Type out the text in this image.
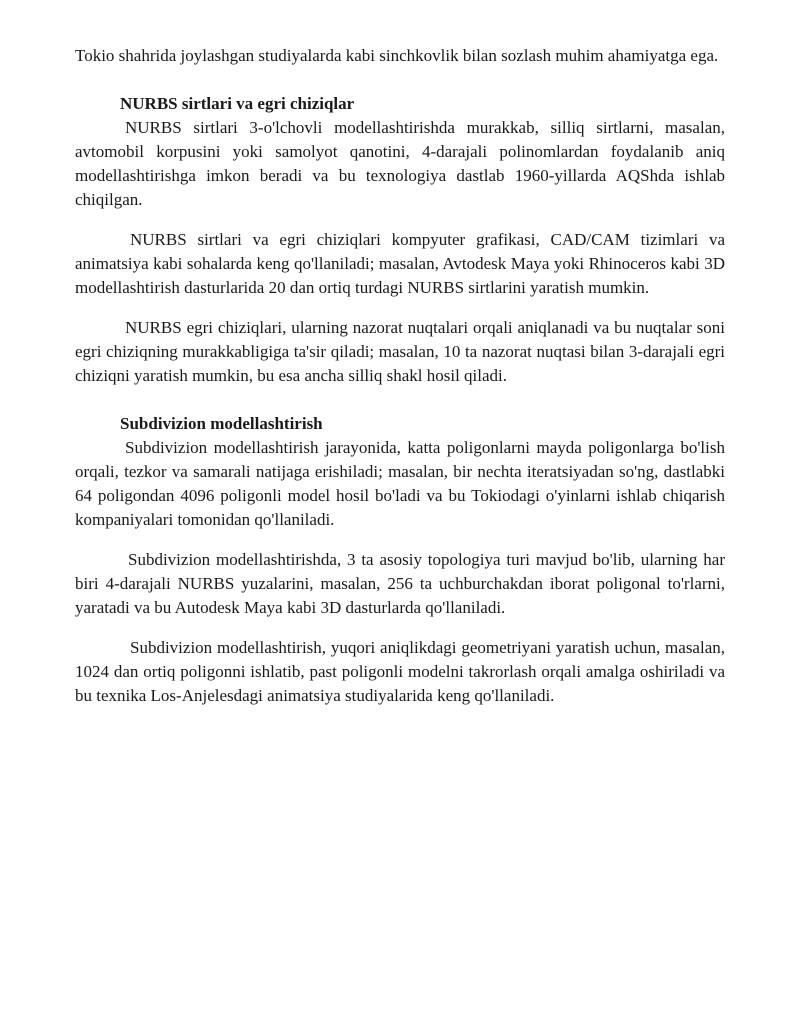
Tokio shahrida joylashgan studiyalarda kabi sinchkovlik bilan sozlash muhim ahamiyatga ega.

NURBS sirtlari va egri chiziqlar

NURBS sirtlari 3-o'lchovli modellashtirishda murakkab, silliq sirtlarni, masalan, avtomobil korpusini yoki samolyot qanotini, 4-darajali polinomlardan foydalanib aniq modellashtirishga imkon beradi va bu texnologiya dastlab 1960-yillarda AQShda ishlab chiqilgan.

NURBS sirtlari va egri chiziqlari kompyuter grafikasi, CAD/CAM tizimlari va animatsiya kabi sohalarda keng qo'llaniladi; masalan, Avtodesk Maya yoki Rhinoceros kabi 3D modellashtirish dasturlarida 20 dan ortiq turdagi NURBS sirtlarini yaratish mumkin.

NURBS egri chiziqlari, ularning nazorat nuqtalari orqali aniqlanadi va bu nuqtalar soni egri chiziqning murakkabligiga ta'sir qiladi; masalan, 10 ta nazorat nuqtasi bilan 3-darajali egri chiziqni yaratish mumkin, bu esa ancha silliq shakl hosil qiladi.

Subdivizion modellashtirish

Subdivizion modellashtirish jarayonida, katta poligonlarni mayda poligonlarga bo'lish orqali, tezkor va samarali natijaga erishiladi; masalan, bir nechta iteratsiyadan so'ng, dastlabki 64 poligondan 4096 poligonli model hosil bo'ladi va bu Tokiodagi o'yinlarni ishlab chiqarish kompaniyalari tomonidan qo'llaniladi.

Subdivizion modellashtirishda, 3 ta asosiy topologiya turi mavjud bo'lib, ularning har biri 4-darajali NURBS yuzalarini, masalan, 256 ta uchburchakdan iborat poligonal to'rlarni, yaratadi va bu Autodesk Maya kabi 3D dasturlarda qo'llaniladi.

Subdivizion modellashtirish, yuqori aniqlikdagi geometriyani yaratish uchun, masalan, 1024 dan ortiq poligonni ishlatib, past poligonli modelni takrorlash orqali amalga oshiriladi va bu texnika Los-Anjelesdagi animatsiya studiyalarida keng qo'llaniladi.
